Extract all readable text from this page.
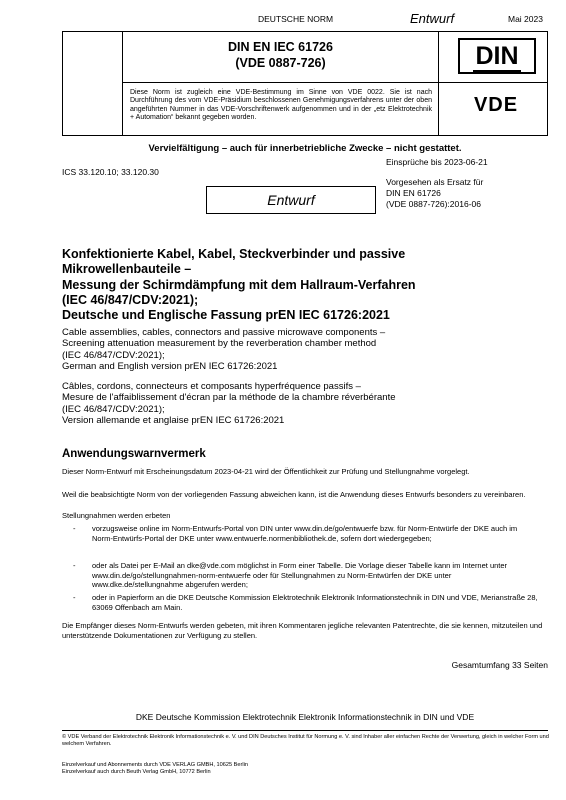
DEUTSCHE NORM	Entwurf	Mai 2023
DIN EN IEC 61726
(VDE 0887-726)
Diese Norm ist zugleich eine VDE-Bestimmung im Sinne von VDE 0022. Sie ist nach Durchführung des vom VDE-Präsidium beschlossenen Genehmigungsverfahrens unter der oben angeführten Nummer in das VDE-Vorschriftenwerk aufgenommen und in der „etz Elektrotechnik + Automation“ bekannt gegeben worden.
DIN
VDE
Vervielfältigung – auch für innerbetriebliche Zwecke – nicht gestattet.
Einsprüche bis 2023-06-21
ICS 33.120.10; 33.120.30
Vorgesehen als Ersatz für
DIN EN 61726
(VDE 0887-726):2016-06
Entwurf
Konfektionierte Kabel, Kabel, Steckverbinder und passive
Mikrowellenbauteile –
Messung der Schirmdämpfung mit dem Hallraum-Verfahren
(IEC 46/847/CDV:2021);
Deutsche und Englische Fassung prEN IEC 61726:2021
Cable assemblies, cables, connectors and passive microwave components –
Screening attenuation measurement by the reverberation chamber method
(IEC 46/847/CDV:2021);
German and English version prEN IEC 61726:2021
Câbles, cordons, connecteurs et composants hyperfréquence passifs –
Mesure de l'affaiblissement d'écran par la méthode de la chambre réverbérante
(IEC 46/847/CDV:2021);
Version allemande et anglaise prEN IEC 61726:2021
Anwendungswarnvermerk
Dieser Norm-Entwurf mit Erscheinungsdatum 2023-04-21 wird der Öffentlichkeit zur Prüfung und Stellungnahme vorgelegt.
Weil die beabsichtigte Norm von der vorliegenden Fassung abweichen kann, ist die Anwendung dieses Entwurfs besonders zu vereinbaren.
Stellungnahmen werden erbeten
- vorzugsweise online im Norm-Entwurfs-Portal von DIN unter www.din.de/go/entwuerfe bzw. für Norm-Entwürfe der DKE auch im Norm-Entwürfs-Portal der DKE unter www.entwuerfe.normenbibliothek.de, sofern dort wiedergegeben;
- oder als Datei per E-Mail an dke@vde.com möglichst in Form einer Tabelle. Die Vorlage dieser Tabelle kann im Internet unter www.din.de/go/stellungnahmen-norm-entwuerfe oder für Stellungnahmen zu Norm-Entwürfen der DKE unter www.dke.de/stellungnahme abgerufen werden;
- oder in Papierform an die DKE Deutsche Kommission Elektrotechnik Elektronik Informationstechnik in DIN und VDE, Merianstraße 28, 63069 Offenbach am Main.
Die Empfänger dieses Norm-Entwurfs werden gebeten, mit ihren Kommentaren jegliche relevanten Patentrechte, die sie kennen, mitzuteilen und unterstützende Dokumentationen zur Verfügung zu stellen.
Gesamtumfang 33 Seiten
DKE Deutsche Kommission Elektrotechnik Elektronik Informationstechnik in DIN und VDE
© VDE Verband der Elektrotechnik Elektronik Informationstechnik e. V. und DIN Deutsches Institut für Normung e. V. sind Inhaber aller einfachen Rechte der Verwertung, gleich in welcher Form und welchem Verfahren.
Einzelverkauf und Abonnements durch VDE VERLAG GMBH, 10625 Berlin
Einzelverkauf auch durch Beuth Verlag GmbH, 10772 Berlin
